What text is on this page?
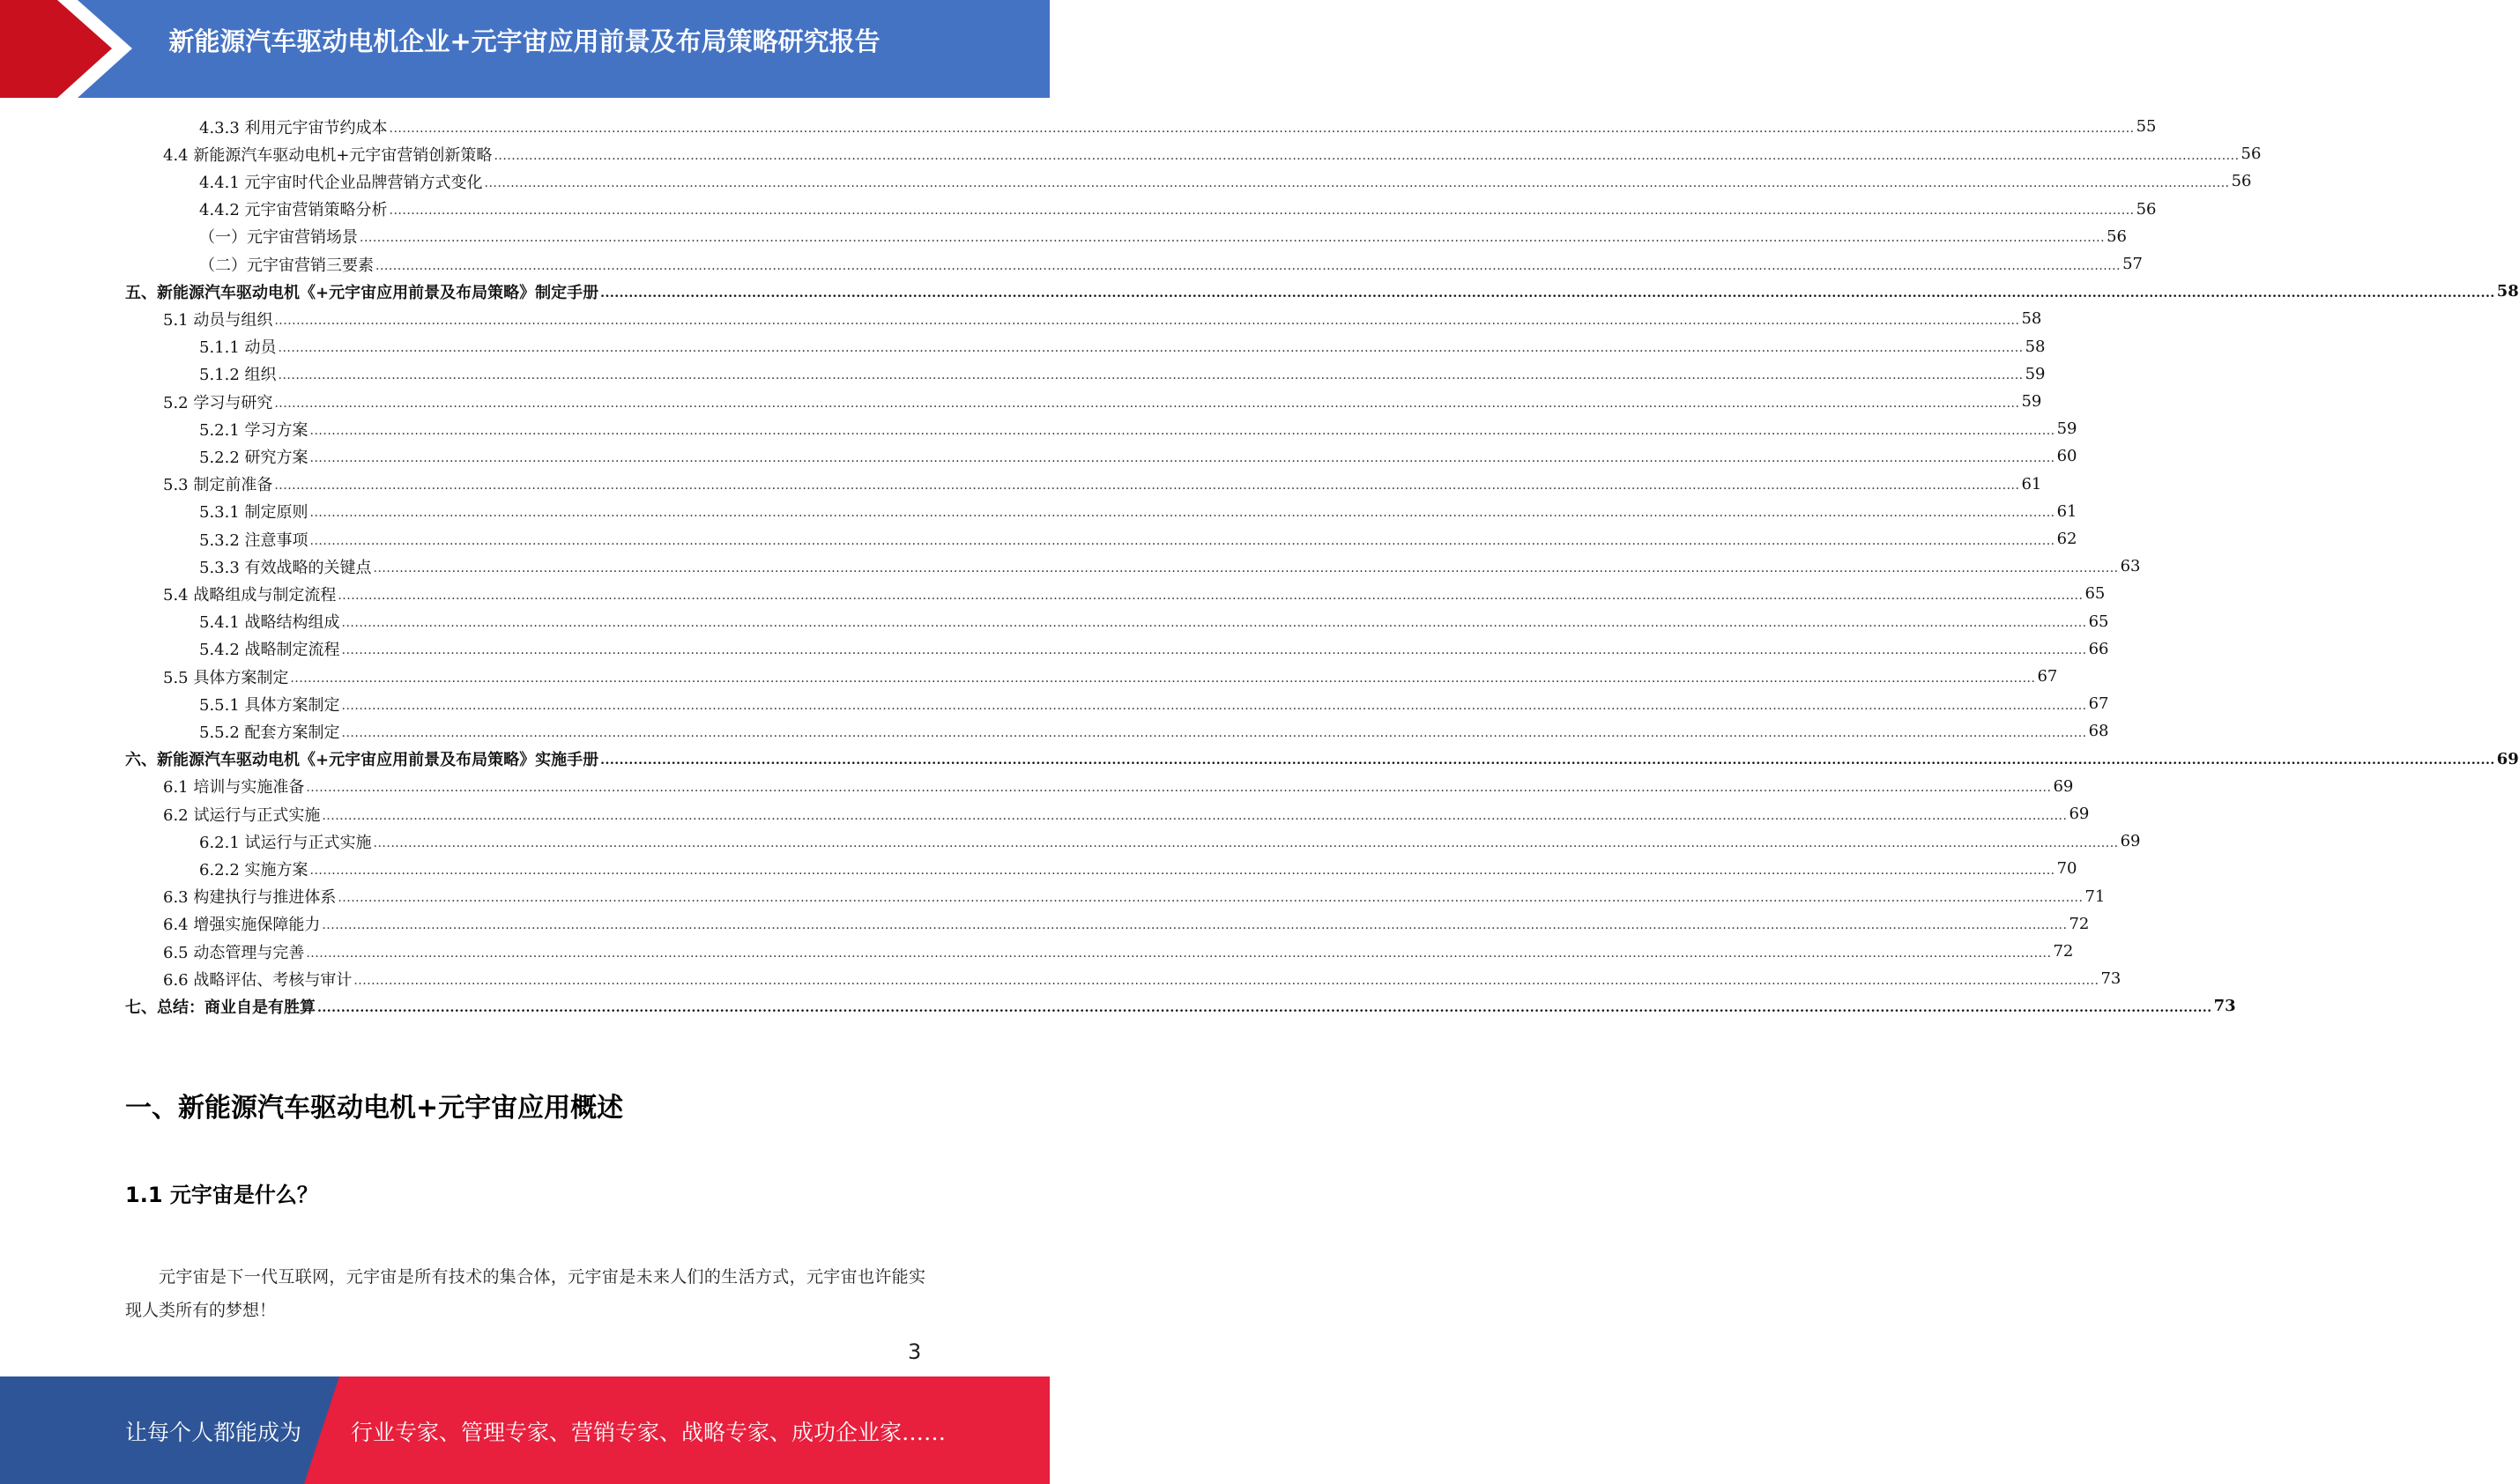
新能源汽车驱动电机企业+元宇宙应用前景及布局策略研究报告
4.3.3 利用元宇宙节约成本 ................................................................................................................................................................................................................................................................................................................................................................................................................ 55
4.4 新能源汽车驱动电机+元宇宙营销创新策略 ................................................................................................................................................................................................................................................................................................................................................................................................................ 56
4.4.1 元宇宙时代企业品牌营销方式变化 ................................................................................................................................................................................................................................................................................................................................................................................................................ 56
4.4.2 元宇宙营销策略分析 ................................................................................................................................................................................................................................................................................................................................................................................................................ 56
（一）元宇宙营销场景 ................................................................................................................................................................................................................................................................................................................................................................................................................ 56
（二）元宇宙营销三要素 ................................................................................................................................................................................................................................................................................................................................................................................................................ 57
五、新能源汽车驱动电机《+元宇宙应用前景及布局策略》制定手册 ................................................................................................................................................................................................................................................................................................................................................................................................................ 58
5.1 动员与组织 ................................................................................................................................................................................................................................................................................................................................................................................................................ 58
5.1.1 动员 ................................................................................................................................................................................................................................................................................................................................................................................................................ 58
5.1.2 组织 ................................................................................................................................................................................................................................................................................................................................................................................................................ 59
5.2 学习与研究 ................................................................................................................................................................................................................................................................................................................................................................................................................ 59
5.2.1 学习方案 ................................................................................................................................................................................................................................................................................................................................................................................................................ 59
5.2.2 研究方案 ................................................................................................................................................................................................................................................................................................................................................................................................................ 60
5.3 制定前准备 ................................................................................................................................................................................................................................................................................................................................................................................................................ 61
5.3.1 制定原则 ................................................................................................................................................................................................................................................................................................................................................................................................................ 61
5.3.2 注意事项 ................................................................................................................................................................................................................................................................................................................................................................................................................ 62
5.3.3 有效战略的关键点 ................................................................................................................................................................................................................................................................................................................................................................................................................ 63
5.4 战略组成与制定流程 ................................................................................................................................................................................................................................................................................................................................................................................................................ 65
5.4.1 战略结构组成 ................................................................................................................................................................................................................................................................................................................................................................................................................ 65
5.4.2 战略制定流程 ................................................................................................................................................................................................................................................................................................................................................................................................................ 66
5.5 具体方案制定 ................................................................................................................................................................................................................................................................................................................................................................................................................ 67
5.5.1 具体方案制定 ................................................................................................................................................................................................................................................................................................................................................................................................................ 67
5.5.2 配套方案制定 ................................................................................................................................................................................................................................................................................................................................................................................................................ 68
六、新能源汽车驱动电机《+元宇宙应用前景及布局策略》实施手册 ................................................................................................................................................................................................................................................................................................................................................................................................................ 69
6.1 培训与实施准备 ................................................................................................................................................................................................................................................................................................................................................................................................................ 69
6.2 试运行与正式实施 ................................................................................................................................................................................................................................................................................................................................................................................................................ 69
6.2.1 试运行与正式实施 ................................................................................................................................................................................................................................................................................................................................................................................................................ 69
6.2.2 实施方案 ................................................................................................................................................................................................................................................................................................................................................................................................................ 70
6.3 构建执行与推进体系 ................................................................................................................................................................................................................................................................................................................................................................................................................ 71
6.4 增强实施保障能力 ................................................................................................................................................................................................................................................................................................................................................................................................................ 72
6.5 动态管理与完善 ................................................................................................................................................................................................................................................................................................................................................................................................................ 72
6.6 战略评估、考核与审计 ................................................................................................................................................................................................................................................................................................................................................................................................................ 73
七、总结：商业自是有胜算 ................................................................................................................................................................................................................................................................................................................................................................................................................ 73
一、新能源汽车驱动电机+元宇宙应用概述
1.1 元宇宙是什么？
元宇宙是下一代互联网，元宇宙是所有技术的集合体，元宇宙是未来人们的生活方式，元宇宙也许能实现人类所有的梦想！
3
让每个人都能成为 行业专家、管理专家、营销专家、战略专家、成功企业家……
